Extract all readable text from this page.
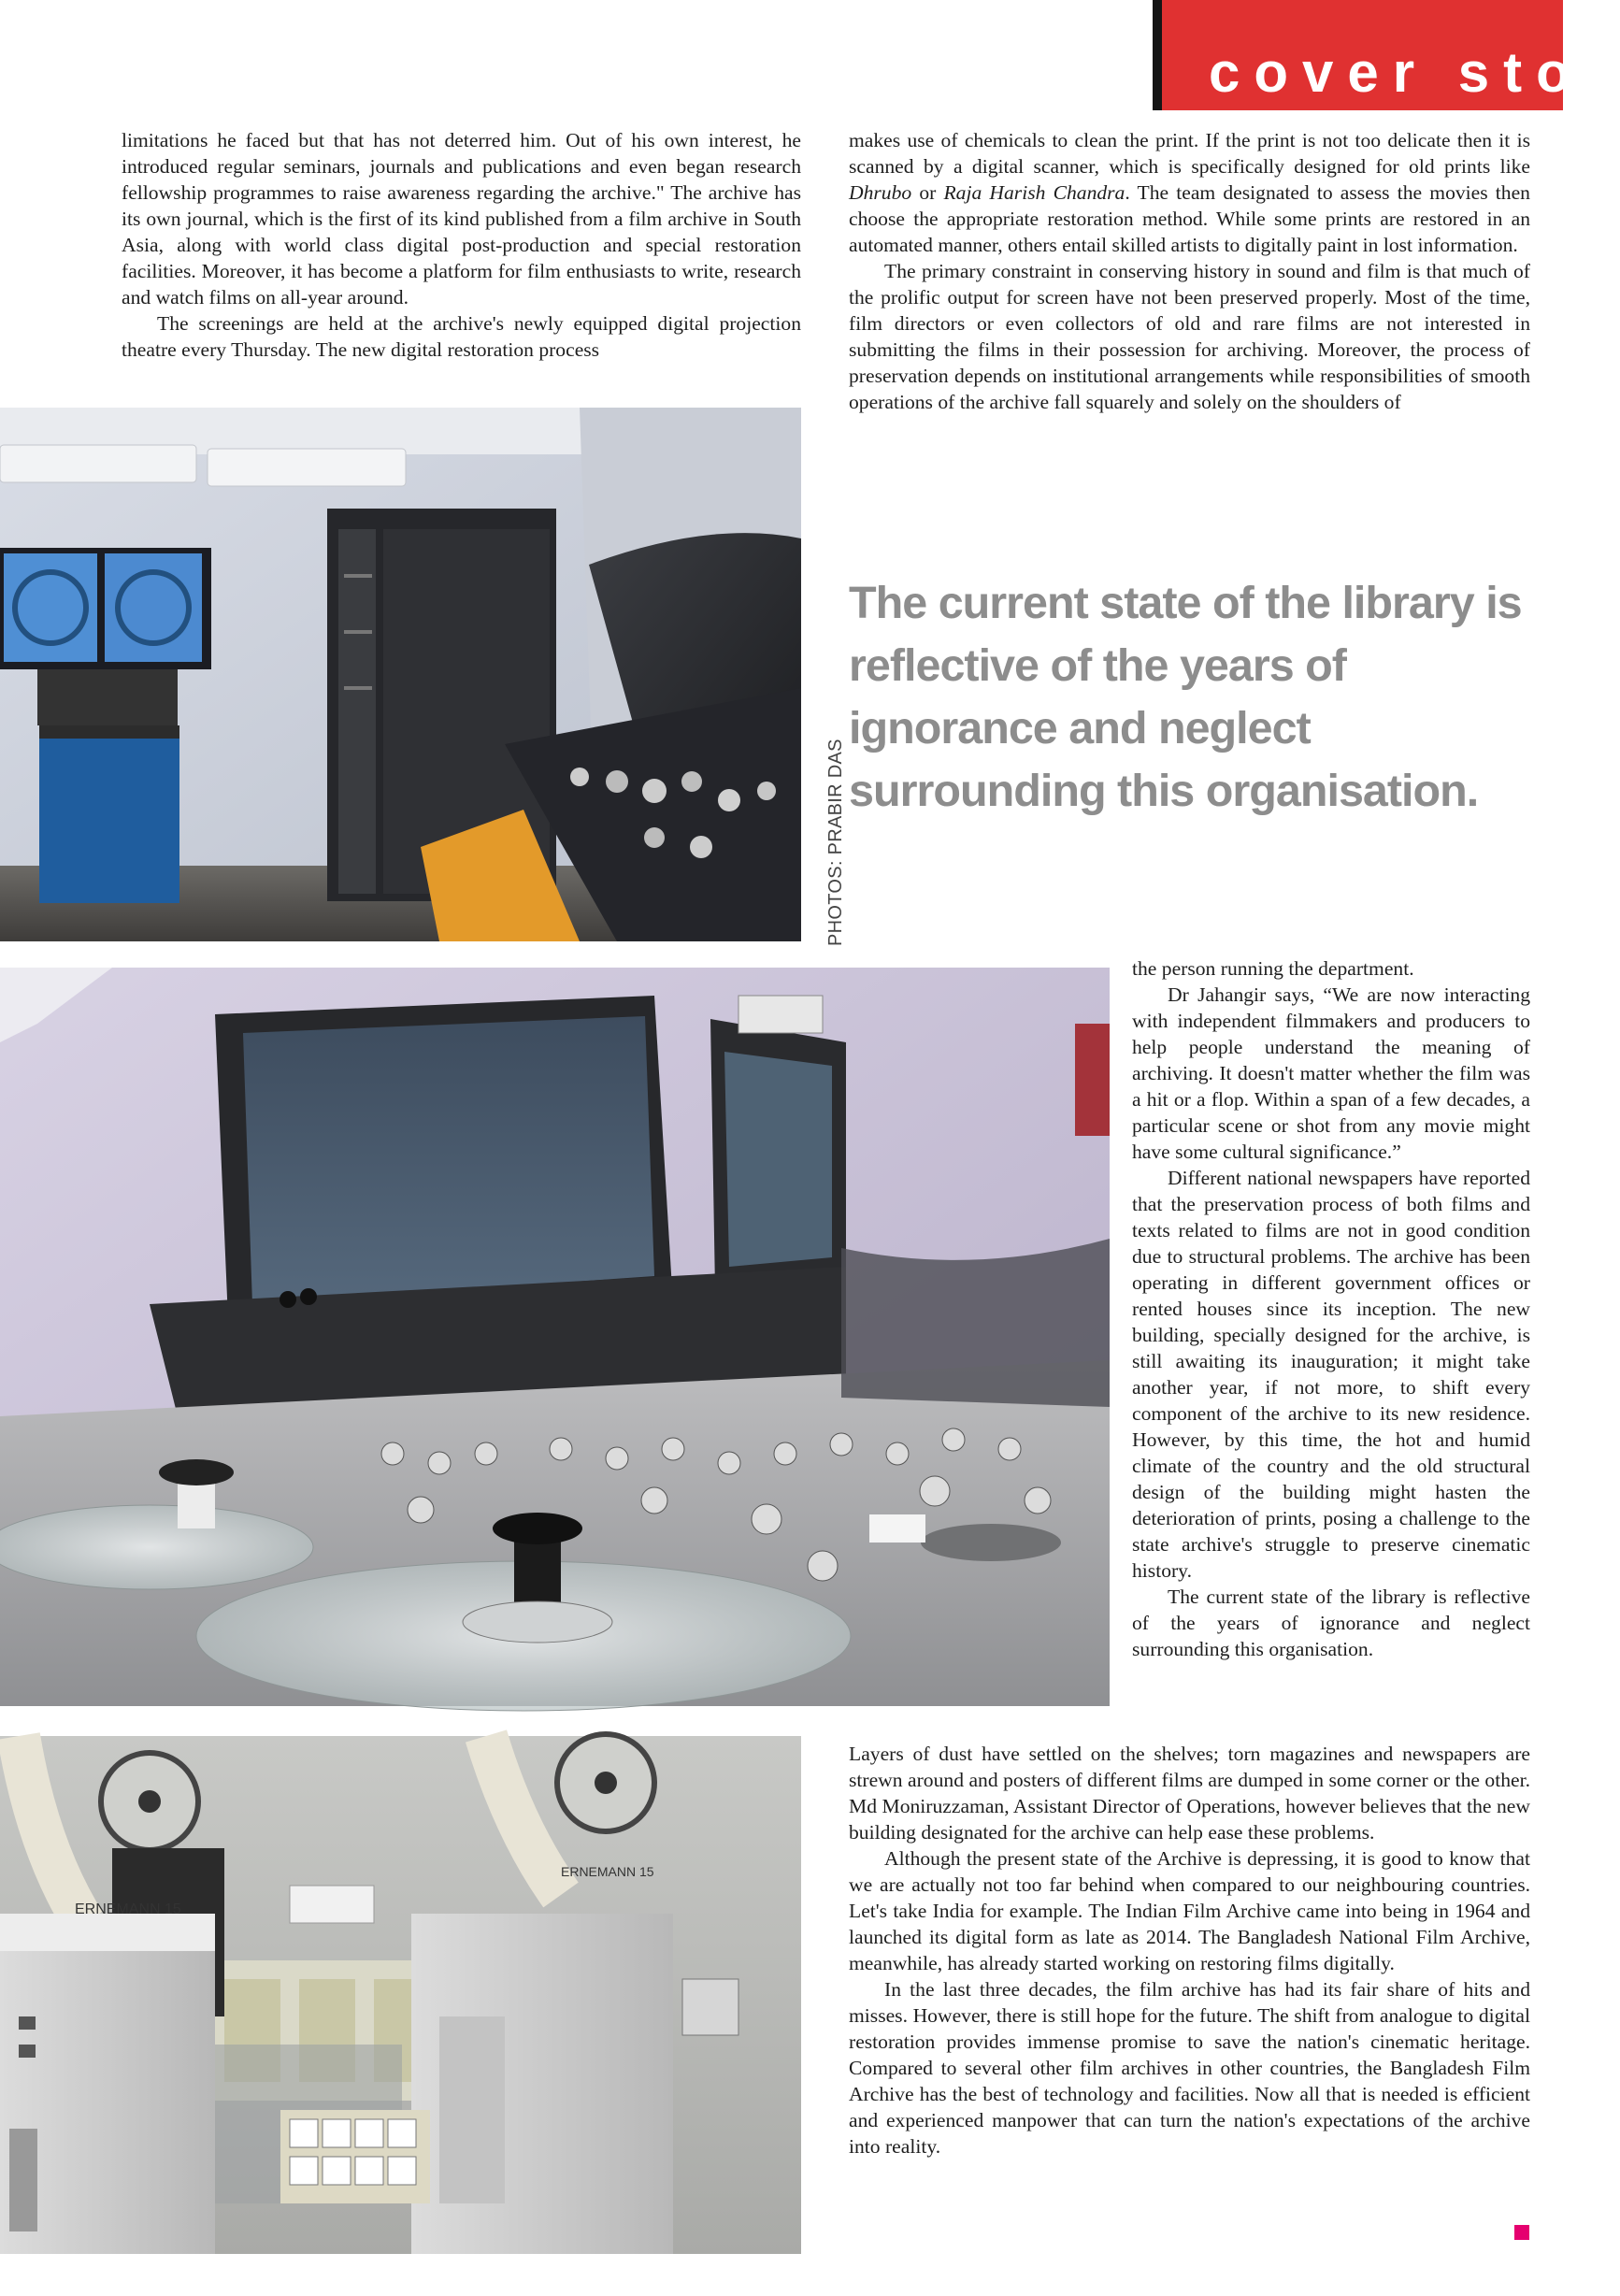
cover stor

limitations he faced but that has not deterred him. Out of his own interest, he introduced regular seminars, journals and publications and even began research fellowship programmes to raise awareness regarding the archive." The archive has its own journal, which is the first of its kind published from a film archive in South Asia, along with world class digital post-production and special restoration facilities. Moreover, it has become a platform for film enthusiasts to write, research and watch films on all-year around.

The screenings are held at the archive's newly equipped digital projection theatre every Thursday. The new digital restoration process

makes use of chemicals to clean the print. If the print is not too delicate then it is scanned by a digital scanner, which is specifically designed for old prints like Dhrubo or Raja Harish Chandra. The team designated to assess the movies then choose the appropriate restoration method. While some prints are restored in an automated manner, others entail skilled artists to digitally paint in lost information.

The primary constraint in conserving history in sound and film is that much of the prolific output for screen have not been preserved properly. Most of the time, film directors or even collectors of old and rare films are not interested in submitting the films in their possession for archiving. Moreover, the process of preservation depends on institutional arrangements while responsibilities of smooth operations of the archive fall squarely and solely on the shoulders of

The current state of the library is reflective of the years of ignorance and neglect surrounding this organisation.
PHOTOS: PRABIR DAS
ERNEMANN 15
ERNEMANN 15

the person running the department.

Dr Jahangir says, “We are now interacting with independent filmmakers and producers to help people understand the meaning of archiving. It doesn't matter whether the film was a hit or a flop. Within a span of a few decades, a particular scene or shot from any movie might have some cultural significance.”

Different national newspapers have reported that the preservation process of both films and texts related to films are not in good condition due to structural problems. The archive has been operating in different government offices or rented houses since its inception. The new building, specially designed for the archive, is still awaiting its inauguration; it might take another year, if not more, to shift every component of the archive to its new residence. However, by this time, the hot and humid climate of the country and the old structural design of the building might hasten the deterioration of prints, posing a challenge to the state archive's struggle to preserve cinematic history.

The current state of the library is reflective of the years of ignorance and neglect surrounding this organisation.

Layers of dust have settled on the shelves; torn magazines and newspapers are strewn around and posters of different films are dumped in some corner or the other. Md Moniruzzaman, Assistant Director of Operations, however believes that the new building designated for the archive can help ease these problems.

Although the present state of the Archive is depressing, it is good to know that we are actually not too far behind when compared to our neighbouring countries. Let's take India for example. The Indian Film Archive came into being in 1964 and launched its digital form as late as 2014. The Bangladesh National Film Archive, meanwhile, has already started working on restoring films digitally.

In the last three decades, the film archive has had its fair share of hits and misses. However, there is still hope for the future. The shift from analogue to digital restoration provides immense promise to save the nation's cinematic heritage. Compared to several other film archives in other countries, the Bangladesh Film Archive has the best of technology and facilities. Now all that is needed is efficient and experienced manpower that can turn the nation's expectations of the archive into reality.
